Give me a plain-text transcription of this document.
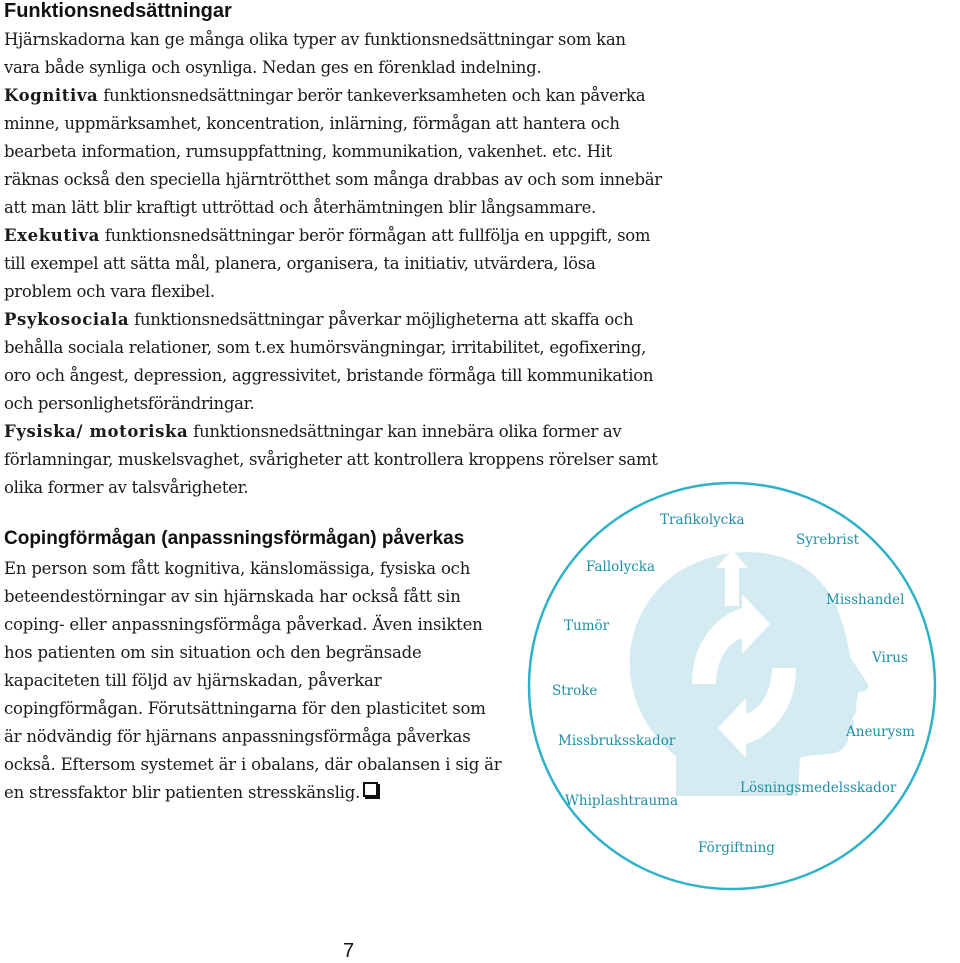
Funktionsnedsättningar

Hjärnskadorna kan ge många olika typer av funktionsnedsättningar som kan vara både synliga och osynliga. Nedan ges en förenklad indelning.

Kognitiva funktionsnedsättningar berör tankeverksamheten och kan påverka minne, uppmärksamhet, koncentration, inlärning, förmågan att hantera och bearbeta information, rumsuppfattning, kommunikation, vakenhet. etc. Hit räknas också den speciella hjärntrötthet som många drabbas av och som innebär att man lätt blir kraftigt uttröttad och återhämtningen blir långsammare.

Exekutiva funktionsnedsättningar berör förmågan att fullfölja en uppgift, som till exempel att sätta mål, planera, organisera, ta initiativ, utvärdera, lösa problem och vara flexibel.

Psykosociala funktionsnedsättningar påverkar möjligheterna att skaffa och behålla sociala relationer, som t.ex humörsvängningar, irritabilitet, egofixering, oro och ångest, depression, aggressivitet, bristande förmåga till kommunikation och personlighetsförändringar.

Fysiska/ motoriska funktionsnedsättningar kan innebära olika former av förlamningar, muskelsvaghet, svårigheter att kontrollera kroppens rörelser samt olika former av talsvårigheter.

Copingförmågan (anpassningsförmågan) påverkas
En person som fått kognitiva, känslomässiga, fysiska och beteendestörningar av sin hjärnskada har också fått sin coping- eller anpassningsförmåga påverkad. Även insikten hos patienten om sin situation och den begränsade kapaciteten till följd av hjärnskadan, påverkar copingförmågan. Förutsättningarna för den plasticitet som är nödvändig för hjärnans anpassningsförmåga påverkas också. Eftersom systemet är i obalans, där obalansen i sig är en stressfaktor blir patienten stresskänslig.
Trafikolycka
Syrebrist
Fallolycka
Misshandel
Tumör
Virus
Stroke
Aneurysm
Missbruksskador
Lösningsmedelsskador
Whiplashtrauma
Förgiftning
7
